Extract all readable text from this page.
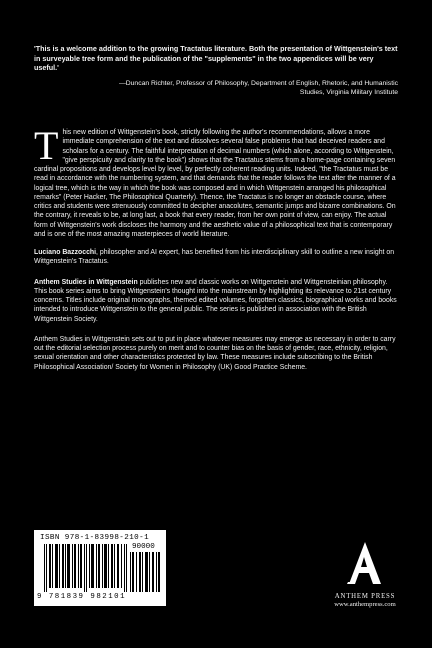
'This is a welcome addition to the growing Tractatus literature. Both the presentation of Wittgenstein's text in surveyable tree form and the publication of the "supplements" in the two appendices will be very useful.'

—Duncan Richter, Professor of Philosophy, Department of English, Rhetoric, and Humanistic
Studies, Virginia Military Institute

This new edition of Wittgenstein's book, strictly following the author's recommendations, allows a more immediate comprehension of the text and dissolves several false problems that had deceived readers and scholars for a century. The faithful interpretation of decimal numbers (which alone, according to Wittgenstein, "give perspicuity and clarity to the book") shows that the Tractatus stems from a home-page containing seven cardinal propositions and develops level by level, by perfectly coherent reading units. Indeed, "the Tractatus must be read in accordance with the numbering system, and that demands that the reader follows the text after the manner of a logical tree, which is the way in which the book was composed and in which Wittgenstein arranged his philosophical remarks" (Peter Hacker, The Philosophical Quarterly). Thence, the Tractatus is no longer an obstacle course, where critics and students were strenuously committed to decipher anacolutes, semantic jumps and bizarre combinations. On the contrary, it reveals to be, at long last, a book that every reader, from her own point of view, can enjoy. The actual form of Wittgenstein's work discloses the harmony and the aesthetic value of a philosophical text that is contemporary and is one of the most amazing masterpieces of world literature.

Luciano Bazzocchi, philosopher and AI expert, has benefited from his interdisciplinary skill to outline a new insight on Wittgenstein's Tractatus.

Anthem Studies in Wittgenstein publishes new and classic works on Wittgenstein and Wittgensteinian philosophy. This book series aims to bring Wittgenstein's thought into the mainstream by highlighting its relevance to 21st century concerns. Titles include original monographs, themed edited volumes, forgotten classics, biographical works and books intended to introduce Wittgenstein to the general public. The series is published in association with the British Wittgenstein Society.

Anthem Studies in Wittgenstein sets out to put in place whatever measures may emerge as necessary in order to carry out the editorial selection process purely on merit and to counter bias on the basis of gender, race, ethnicity, religion, sexual orientation and other characteristics protected by law. These measures include subscribing to the British Philosophical Association/ Society for Women in Philosophy (UK) Good Practice Scheme.

ISBN 978-1-83998-210-1
90000
9 781839 982101	ANTHEM PRESS
www.anthempress.com
